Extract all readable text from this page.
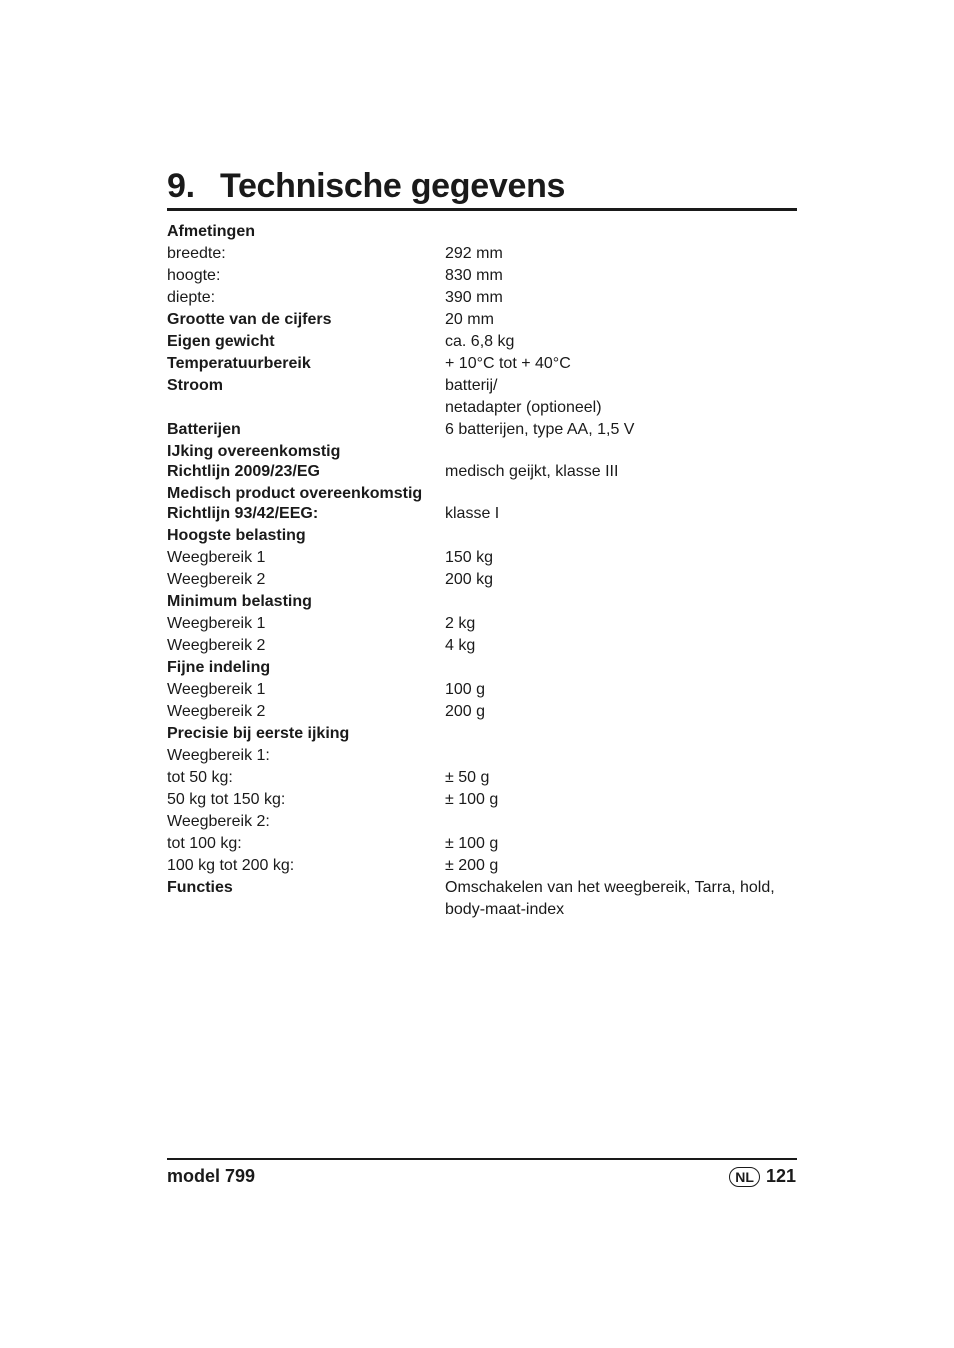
9. Technische gegevens
Afmetingen
breedte:	292 mm
hoogte:	830 mm
diepte:	390 mm
Grootte van de cijfers	20 mm
Eigen gewicht	ca. 6,8 kg
Temperatuurbereik	+ 10°C tot + 40°C
Stroom	batterij/
netadapter (optioneel)
Batterijen	6 batterijen, type AA, 1,5 V
IJking overeenkomstig
Richtlijn 2009/23/EG	medisch geijkt, klasse III
Medisch product overeenkomstig
Richtlijn 93/42/EEG:	klasse I
Hoogste belasting
Weegbereik 1	150 kg
Weegbereik 2	200 kg
Minimum belasting
Weegbereik 1	2 kg
Weegbereik 2	4 kg
Fijne indeling
Weegbereik 1	100 g
Weegbereik 2	200 g
Precisie bij eerste ijking
Weegbereik 1:
tot 50 kg:	± 50 g
50 kg tot 150 kg:	± 100 g
Weegbereik 2:
tot 100 kg:	± 100 g
100 kg tot 200 kg:	± 200 g
Functies	Omschakelen van het weegbereik, Tarra, hold,
body-maat-index
model 799	NL 121
